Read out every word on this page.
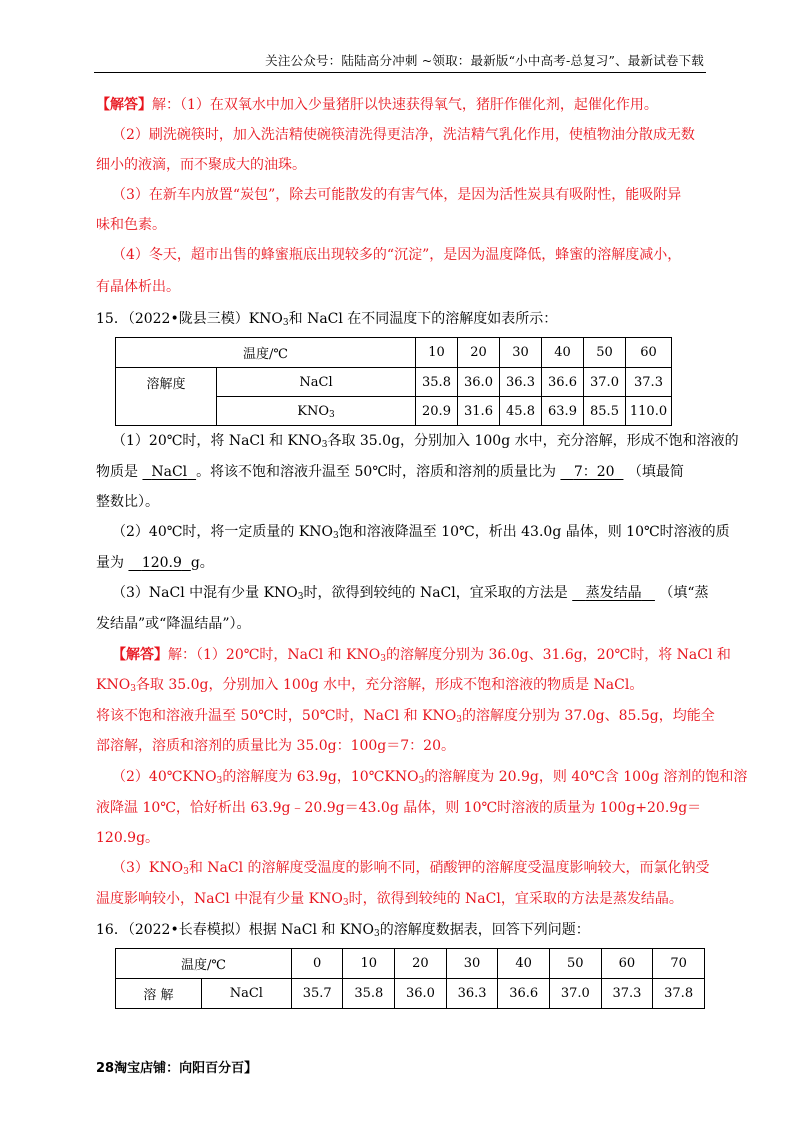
关注公众号：陆陆高分冲刺 ~领取：最新版“小中高考-总复习”、最新试卷下载
【解答】解：（1）在双氧水中加入少量猪肝以快速获得氧气，猪肝作催化剂，起催化作用。
（2）刷洗碗筷时，加入洗洁精使碗筷清洗得更洁净，洗洁精气乳化作用，使植物油分散成无数
细小的液滴，而不聚成大的油珠。
（3）在新车内放置“炭包”，除去可能散发的有害气体，是因为活性炭具有吸附性，能吸附异
味和色素。
（4）冬天，超市出售的蜂蜜瓶底出现较多的“沉淀”，是因为温度降低，蜂蜜的溶解度减小，
有晶体析出。
15．（2022•陇县三模）$KNO_3$和 NaCl 在不同温度下的溶解度如表所示：
温度/℃		10	20	30	40	50	60
溶解度	NaCl	35.8	36.0	36.3	36.6	37.0	37.3
	$KNO_3$	20.9	31.6	45.8	63.9	85.5	110.0
（1）20℃时，将 NaCl 和 $KNO_3$各取 35.0g，分别加入 100g 水中，充分溶解，形成不饱和溶液的
物质是 NaCl 。将该不饱和溶液升温至 50℃时，溶质和溶剂的质量比为 7：20 （填最简
整数比）。
（2）40℃时，将一定质量的 $KNO_3$饱和溶液降温至 10℃，析出 43.0g 晶体，则 10℃时溶液的质
量为 120.9 g。
（3）NaCl 中混有少量 $KNO_3$时，欲得到较纯的 NaCl，宜采取的方法是 蒸发结晶 （填“蒸
发结晶”或“降温结晶”）。
【解答】解：（1）20℃时，NaCl 和 $KNO_3$的溶解度分别为 36.0g、31.6g，20℃时，将 NaCl 和
$KNO_3$各取 35.0g，分别加入 100g 水中，充分溶解，形成不饱和溶液的物质是 NaCl。
将该不饱和溶液升温至 50℃时，50℃时，NaCl 和 $KNO_3$的溶解度分别为 37.0g、85.5g，均能全
部溶解，溶质和溶剂的质量比为 35.0g：100g＝7：20。
$(2)40℃KNO_3$的溶解度为 63.9g，$10℃KNO_3$的溶解度为 20.9g，则 40℃含 100g 溶剂的饱和溶
液降温 10℃，恰好析出 63.9g﹣20.9g＝43.0g 晶体，则 10℃时溶液的质量为 100g+20.9g＝
120.9g。
$(3)KNO_3$和 NaCl 的溶解度受温度的影响不同，硝酸钾的溶解度受温度影响较大，而氯化钠受
温度影响较小，NaCl 中混有少量 $KNO_3$时，欲得到较纯的 NaCl，宜采取的方法是蒸发结晶。
16．（2022•长春模拟）根据 NaCl 和 $KNO_3$的溶解度数据表，回答下列问题：
温度/℃		0	10	20	30	40	50	60	70
溶 解	NaCl	35.7	35.8	36.0	36.3	36.6	37.0	37.3	37.8
28淘宝店铺：向阳百分百】
